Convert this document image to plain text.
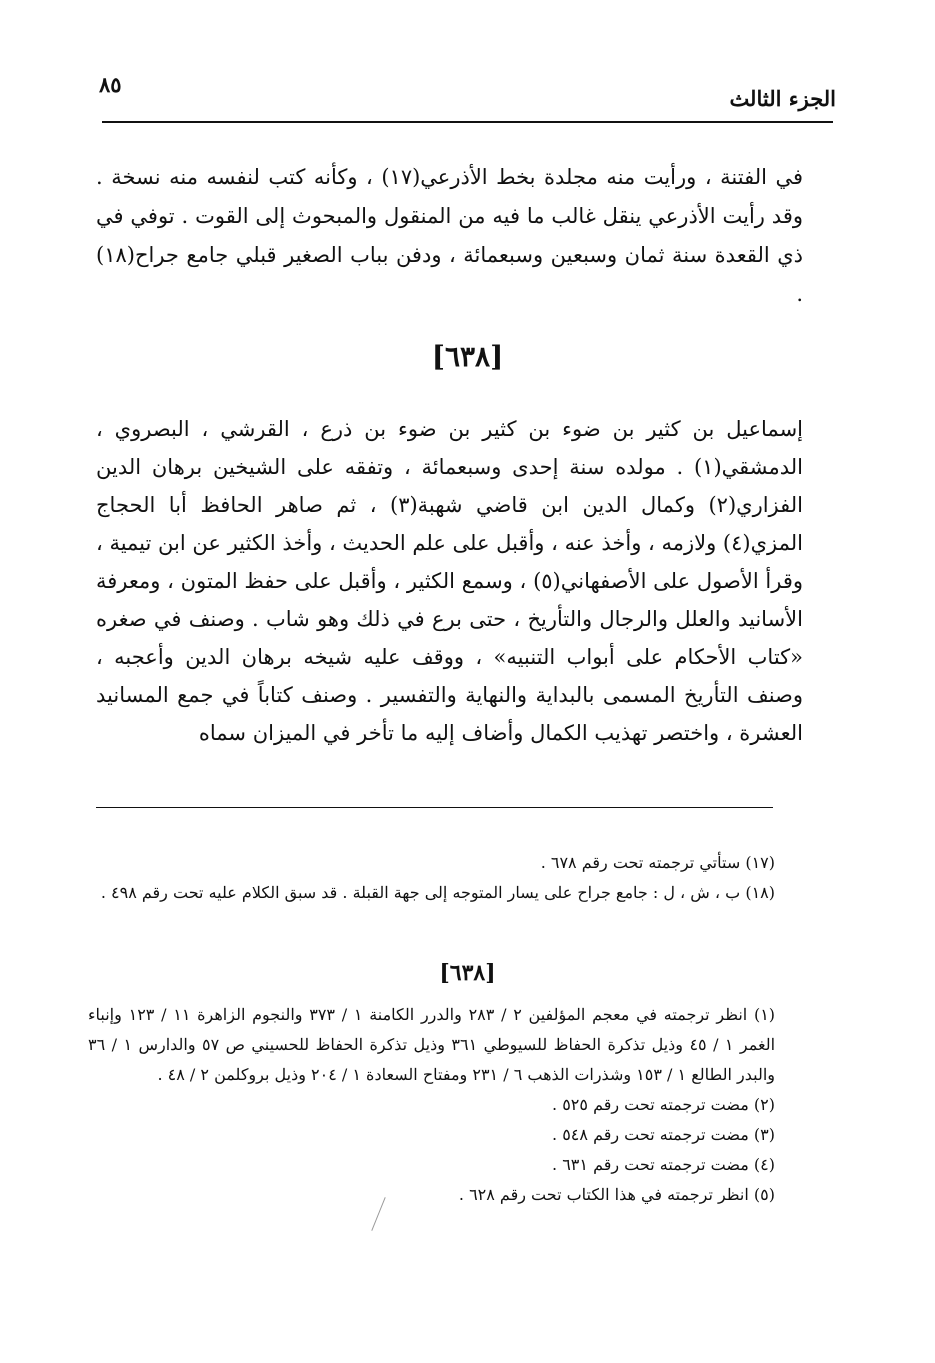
الجزء الثالث
٨٥

في الفتنة ، ورأيت منه مجلدة بخط الأذرعي(١٧) ، وكأنه كتب لنفسه منه نسخة . وقد رأيت الأذرعي ينقل غالب ما فيه من المنقول والمبحوث إلى القوت . توفي في ذي القعدة سنة ثمان وسبعين وسبعمائة ، ودفن بباب الصغير قبلي جامع جراح(١٨) .

[٦٣٨]

إسماعيل بن كثير بن ضوء بن كثير بن ضوء بن ذرع ، القرشي ، البصروي ، الدمشقي(١) . مولده سنة إحدى وسبعمائة ، وتفقه على الشيخين برهان الدين الفزاري(٢) وكمال الدين ابن قاضي شهبة(٣) ، ثم صاهر الحافظ أبا الحجاج المزي(٤) ولازمه ، وأخذ عنه ، وأقبل على علم الحديث ، وأخذ الكثير عن ابن تيمية ، وقرأ الأصول على الأصفهاني(٥) ، وسمع الكثير ، وأقبل على حفظ المتون ، ومعرفة الأسانيد والعلل والرجال والتأريخ ، حتى برع في ذلك وهو شاب . وصنف في صغره «كتاب الأحكام على أبواب التنبيه» ، ووقف عليه شيخه برهان الدين وأعجبه ، وصنف التأريخ المسمى بالبداية والنهاية والتفسير . وصنف كتاباً في جمع المسانيد العشرة ، واختصر تهذيب الكمال وأضاف إليه ما تأخر في الميزان سماه

(١٧) ستأتي ترجمته تحت رقم ٦٧٨ .
(١٨) ب ، ش ، ل : جامع جراح على يسار المتوجه إلى جهة القبلة . قد سبق الكلام عليه تحت رقم ٤٩٨ .
[٦٣٨]
(١) انظر ترجمته في معجم المؤلفين ٢ / ٢٨٣ والدرر الكامنة ١ / ٣٧٣ والنجوم الزاهرة ١١ / ١٢٣ وإنباء الغمر ١ / ٤٥ وذيل تذكرة الحفاظ للسيوطي ٣٦١ وذيل تذكرة الحفاظ للحسيني ص ٥٧ والدارس ١ / ٣٦ والبدر الطالع ١ / ١٥٣ وشذرات الذهب ٦ / ٢٣١ ومفتاح السعادة ١ / ٢٠٤ وذيل بروكلمن ٢ / ٤٨ .
(٢) مضت ترجمته تحت رقم ٥٢٥ .
(٣) مضت ترجمته تحت رقم ٥٤٨ .
(٤) مضت ترجمته تحت رقم ٦٣١ .
(٥) انظر ترجمته في هذا الكتاب تحت رقم ٦٢٨ .
